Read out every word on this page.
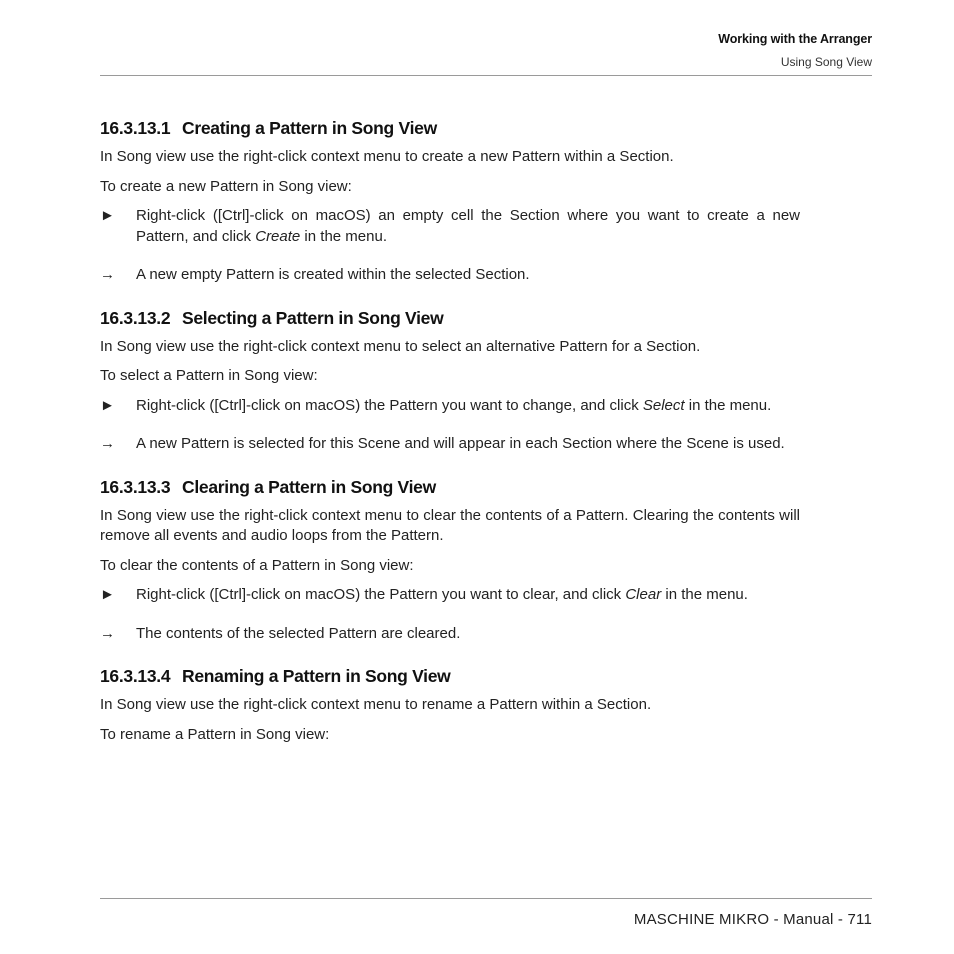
Working with the Arranger
Using Song View
16.3.13.1 Creating a Pattern in Song View

In Song view use the right-click context menu to create a new Pattern within a Section.

To create a new Pattern in Song view:

►	Right-click ([Ctrl]-click on macOS) an empty cell the Section where you want to create a new Pattern, and click Create in the menu.
→	A new empty Pattern is created within the selected Section.
16.3.13.2 Selecting a Pattern in Song View

In Song view use the right-click context menu to select an alternative Pattern for a Section.

To select a Pattern in Song view:

►	Right-click ([Ctrl]-click on macOS) the Pattern you want to change, and click Select in the menu.
→	A new Pattern is selected for this Scene and will appear in each Section where the Scene is used.
16.3.13.3 Clearing a Pattern in Song View

In Song view use the right-click context menu to clear the contents of a Pattern. Clearing the contents will remove all events and audio loops from the Pattern.

To clear the contents of a Pattern in Song view:

►	Right-click ([Ctrl]-click on macOS) the Pattern you want to clear, and click Clear in the menu.
→	The contents of the selected Pattern are cleared.
16.3.13.4 Renaming a Pattern in Song View

In Song view use the right-click context menu to rename a Pattern within a Section.

To rename a Pattern in Song view:

MASCHINE MIKRO - Manual - 711
